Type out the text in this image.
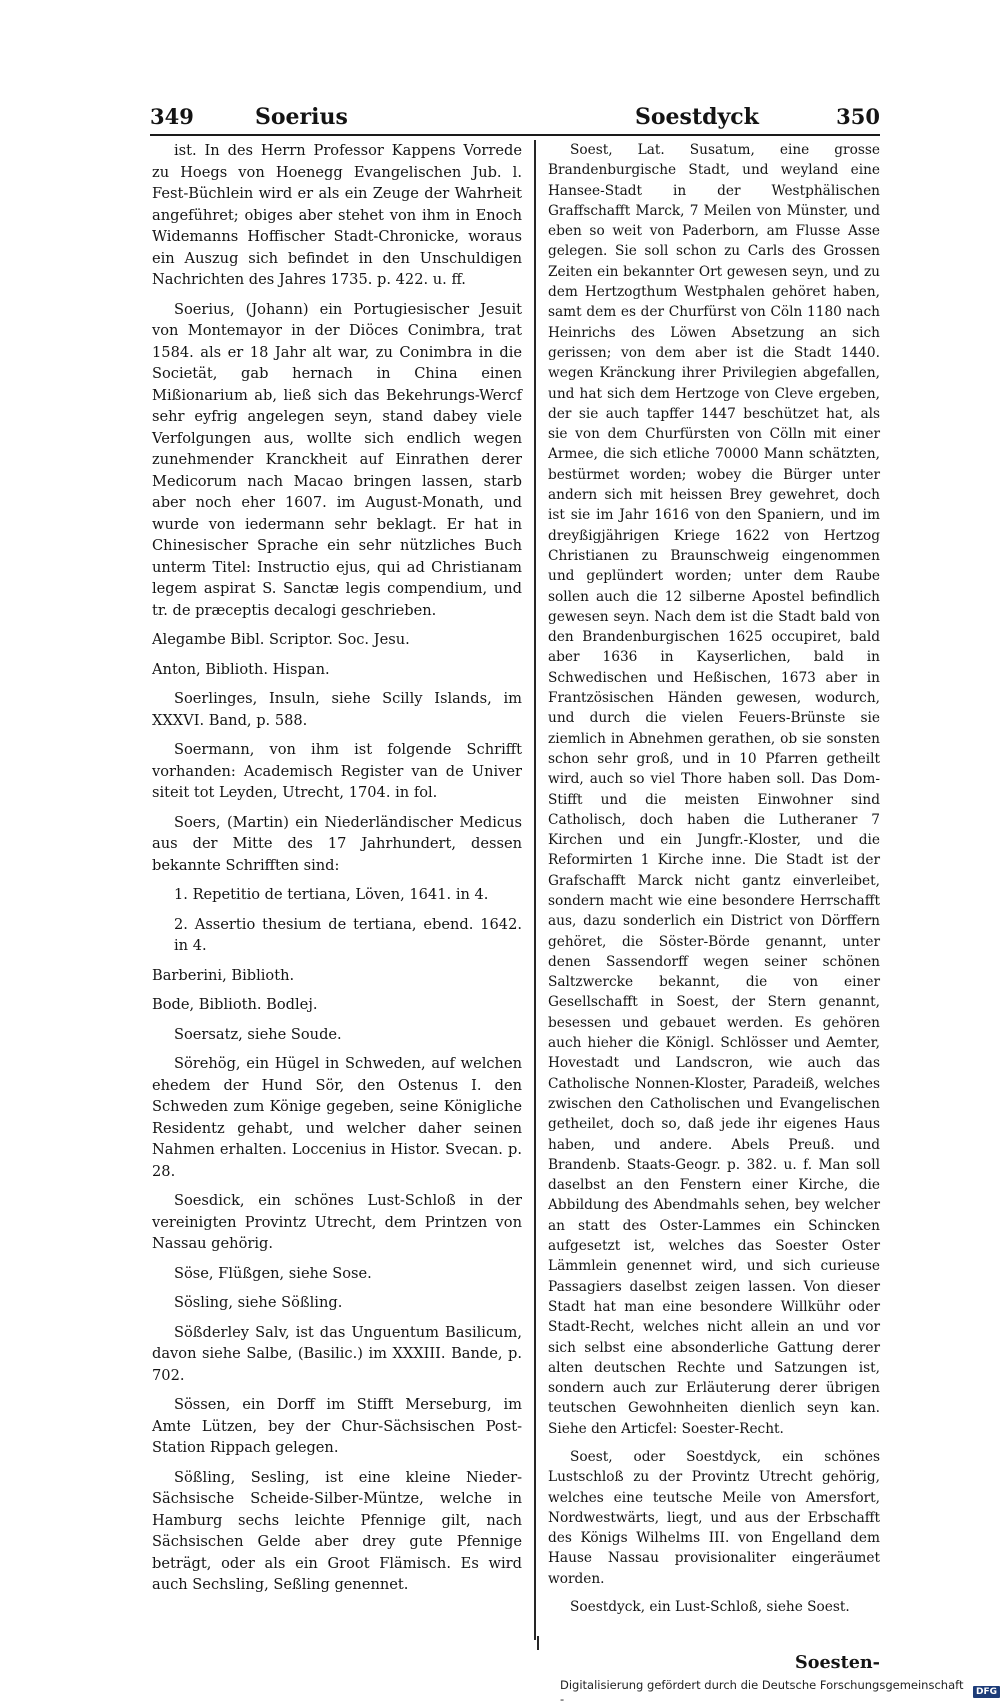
349	Soerius	Soestdyck	350

ist. In des Herrn Professor Kappens Vorrede zu Hoegs von Hoenegg Evangelischen Jub. l. Fest-Büchlein wird er als ein Zeuge der Wahrheit angeführet; obiges aber stehet von ihm in Enoch Widemanns Hoffischer Stadt-Chronicke, woraus ein Auszug sich befindet in den Unschuldigen Nachrichten des Jahres 1735. p. 422. u. ff.

Soerius, (Johann) ein Portugiesischer Jesuit von Montemayor in der Diöces Conimbra, trat 1584. als er 18 Jahr alt war, zu Conimbra in die Societät, gab hernach in China einen Mißionarium ab, ließ sich das Bekehrungs-Wercf sehr eyfrig angelegen seyn, stand dabey viele Verfolgungen aus, wollte sich endlich wegen zunehmender Kranckheit auf Einrathen derer Medicorum nach Macao bringen lassen, starb aber noch eher 1607. im August-Monath, und wurde von iedermann sehr beklagt. Er hat in Chinesischer Sprache ein sehr nützliches Buch unterm Titel: Instructio ejus, qui ad Christianam legem aspirat S. Sanctæ legis compendium, und tr. de præceptis decalogi geschrieben.

Alegambe Bibl. Scriptor. Soc. Jesu.

Anton, Biblioth. Hispan.

Soerlinges, Insuln, siehe Scilly Islands, im XXXVI. Band, p. 588.

Soermann, von ihm ist folgende Schrifft vorhanden: Academisch Register van de Univer siteit tot Leyden, Utrecht, 1704. in fol.

Soers, (Martin) ein Niederländischer Medicus aus der Mitte des 17 Jahrhundert, dessen bekannte Schrifften sind:

1. Repetitio de tertiana, Löven, 1641. in 4.

2. Assertio thesium de tertiana, ebend. 1642. in 4.

Barberini, Biblioth.

Bode, Biblioth. Bodlej.

Soersatz, siehe Soude.

Sörehög, ein Hügel in Schweden, auf welchen ehedem der Hund Sör, den Ostenus I. den Schweden zum Könige gegeben, seine Königliche Residentz gehabt, und welcher daher seinen Nahmen erhalten. Loccenius in Histor. Svecan. p. 28.

Soesdick, ein schönes Lust-Schloß in der vereinigten Provintz Utrecht, dem Printzen von Nassau gehörig.

Söse, Flüßgen, siehe Sose.

Sösling, siehe Sößling.

Sößderley Salv, ist das Unguentum Basilicum, davon siehe Salbe, (Basilic.) im XXXIII. Bande, p. 702.

Sössen, ein Dorff im Stifft Merseburg, im Amte Lützen, bey der Chur-Sächsischen Post-Station Rippach gelegen.

Sößling, Sesling, ist eine kleine Nieder-Sächsische Scheide-Silber-Müntze, welche in Hamburg sechs leichte Pfennige gilt, nach Sächsischen Gelde aber drey gute Pfennige beträgt, oder als ein Groot Flämisch. Es wird auch Sechsling, Seßling genennet.

Soest, Lat. Susatum, eine grosse Brandenburgische Stadt, und weyland eine Hansee-Stadt in der Westphälischen Graffschafft Marck, 7 Meilen von Münster, und eben so weit von Paderborn, am Flusse Asse gelegen. Sie soll schon zu Carls des Grossen Zeiten ein bekannter Ort gewesen seyn, und zu dem Hertzogthum Westphalen gehöret haben, samt dem es der Churfürst von Cöln 1180 nach Heinrichs des Löwen Absetzung an sich gerissen; von dem aber ist die Stadt 1440. wegen Kränckung ihrer Privilegien abgefallen, und hat sich dem Hertzoge von Cleve ergeben, der sie auch tapffer 1447 beschützet hat, als sie von dem Churfürsten von Cölln mit einer Armee, die sich etliche 70000 Mann schätzten, bestürmet worden; wobey die Bürger unter andern sich mit heissen Brey gewehret, doch ist sie im Jahr 1616 von den Spaniern, und im dreyßigjährigen Kriege 1622 von Hertzog Christianen zu Braunschweig eingenommen und geplündert worden; unter dem Raube sollen auch die 12 silberne Apostel befindlich gewesen seyn. Nach dem ist die Stadt bald von den Brandenburgischen 1625 occupiret, bald aber 1636 in Kayserlichen, bald in Schwedischen und Heßischen, 1673 aber in Frantzösischen Händen gewesen, wodurch, und durch die vielen Feuers-Brünste sie ziemlich in Abnehmen gerathen, ob sie sonsten schon sehr groß, und in 10 Pfarren getheilt wird, auch so viel Thore haben soll. Das Dom-Stifft und die meisten Einwohner sind Catholisch, doch haben die Lutheraner 7 Kirchen und ein Jungfr.-Kloster, und die Reformirten 1 Kirche inne. Die Stadt ist der Grafschafft Marck nicht gantz einverleibet, sondern macht wie eine besondere Herrschafft aus, dazu sonderlich ein District von Dörffern gehöret, die Söster-Börde genannt, unter denen Sassendorff wegen seiner schönen Saltzwercke bekannt, die von einer Gesellschafft in Soest, der Stern genannt, besessen und gebauet werden. Es gehören auch hieher die Königl. Schlösser und Aemter, Hovestadt und Landscron, wie auch das Catholische Nonnen-Kloster, Paradeiß, welches zwischen den Catholischen und Evangelischen getheilet, doch so, daß jede ihr eigenes Haus haben, und andere. Abels Preuß. und Brandenb. Staats-Geogr. p. 382. u. f. Man soll daselbst an den Fenstern einer Kirche, die Abbildung des Abendmahls sehen, bey welcher an statt des Oster-Lammes ein Schincken aufgesetzt ist, welches das Soester Oster Lämmlein genennet wird, und sich curieuse Passagiers daselbst zeigen lassen. Von dieser Stadt hat man eine besondere Willkühr oder Stadt-Recht, welches nicht allein an und vor sich selbst eine absonderliche Gattung derer alten deutschen Rechte und Satzungen ist, sondern auch zur Erläuterung derer übrigen teutschen Gewohnheiten dienlich seyn kan. Siehe den Articfel: Soester-Recht.

Soest, oder Soestdyck, ein schönes Lustschloß zu der Provintz Utrecht gehörig, welches eine teutsche Meile von Amersfort, Nordwestwärts, liegt, und aus der Erbschafft des Königs Wilhelms III. von Engelland dem Hause Nassau provisionaliter eingeräumet worden.

Soestdyck, ein Lust-Schloß, siehe Soest.

Soesten-
Digitalisierung gefördert durch die Deutsche Forschungsgemeinschaft -	DFG
